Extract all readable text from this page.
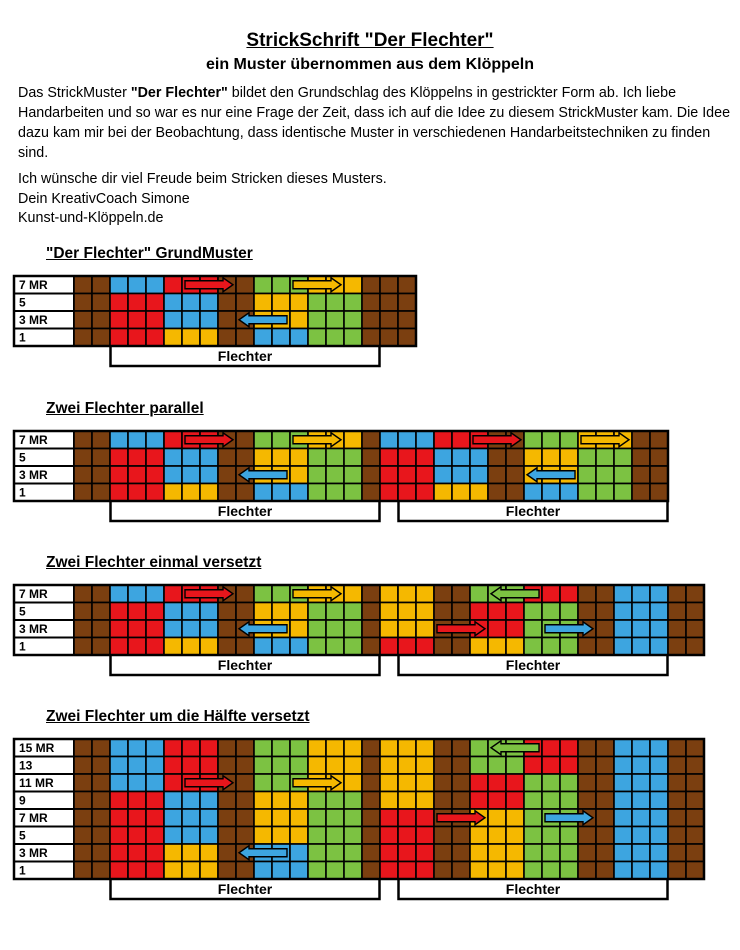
StrickSchrift "Der Flechter"
ein Muster übernommen aus dem Klöppeln

Das StrickMuster "Der Flechter" bildet den Grundschlag des Klöppelns in gestrickter Form ab. Ich liebe Handarbeiten und so war es nur eine Frage der Zeit, dass ich auf die Idee zu diesem StrickMuster kam. Die Idee dazu kam mir bei der Beobachtung, dass identische Muster in verschiedenen Handarbeitstechniken zu finden sind.

Ich wünsche dir viel Freude beim Stricken dieses Musters.
Dein KreativCoach Simone
Kunst-und-Klöppeln.de
"Der Flechter" GrundMuster
7 MR
5
3 MR
1
Flechter
Zwei Flechter parallel
7 MR
5
3 MR
1
Flechter	Flechter
Zwei Flechter einmal versetzt
7 MR
5
3 MR
1
Flechter	Flechter
Zwei Flechter um die Hälfte versetzt
15 MR
13
11 MR
9
7 MR
5
3 MR
1
Flechter	Flechter
